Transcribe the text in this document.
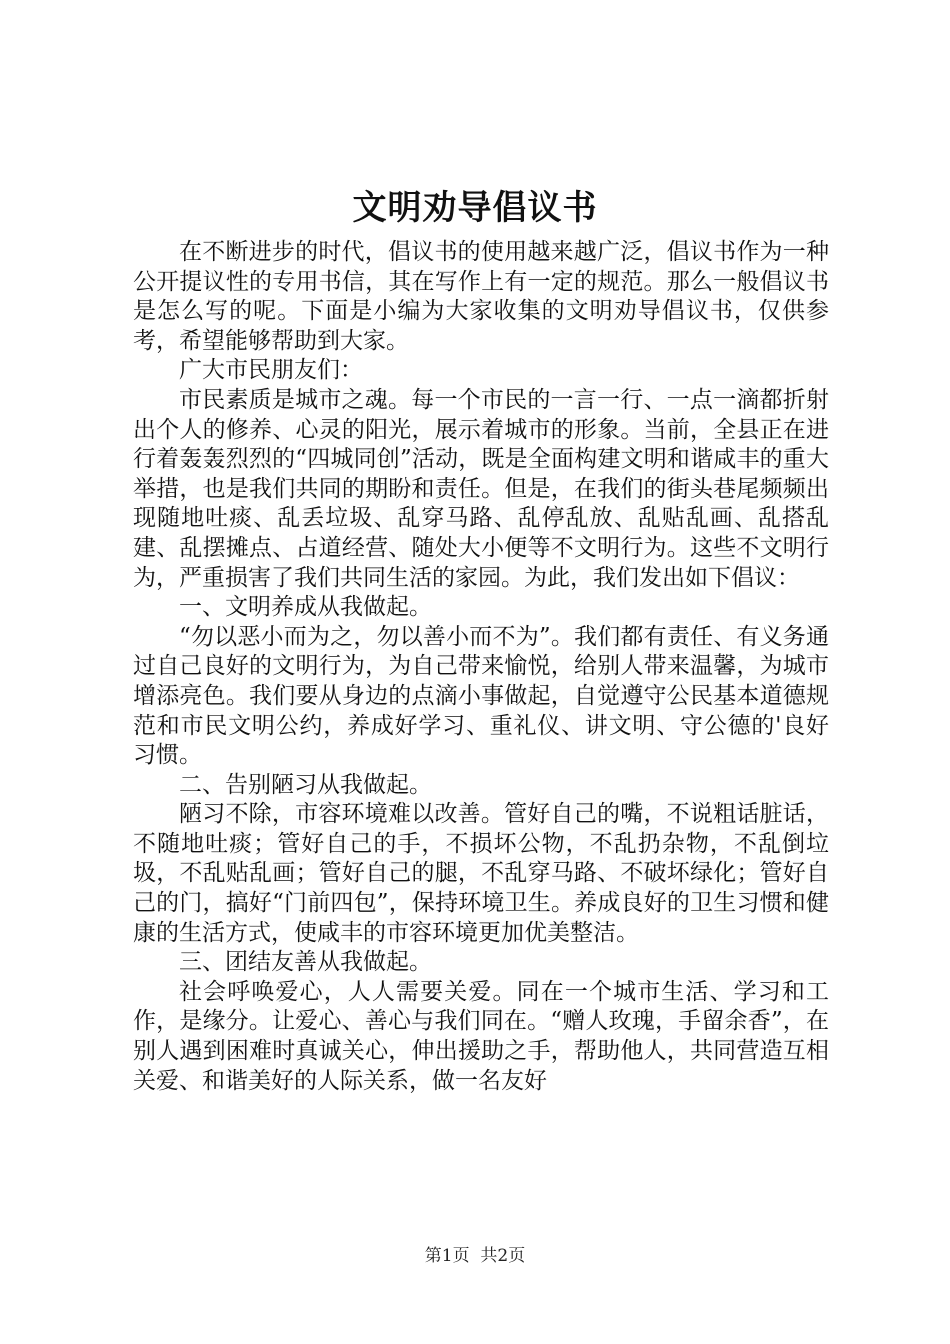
文明劝导倡议书

在不断进步的时代，倡议书的使用越来越广泛，倡议书作为一种公开提议性的专用书信，其在写作上有一定的规范。那么一般倡议书是怎么写的呢。下面是小编为大家收集的文明劝导倡议书，仅供参考，希望能够帮助到大家。

广大市民朋友们：

市民素质是城市之魂。每一个市民的一言一行、一点一滴都折射出个人的修养、心灵的阳光，展示着城市的形象。当前，全县正在进行着轰轰烈烈的“四城同创”活动，既是全面构建文明和谐咸丰的重大举措，也是我们共同的期盼和责任。但是，在我们的街头巷尾频频出现随地吐痰、乱丢垃圾、乱穿马路、乱停乱放、乱贴乱画、乱搭乱建、乱摆摊点、占道经营、随处大小便等不文明行为。这些不文明行为，严重损害了我们共同生活的家园。为此，我们发出如下倡议：

一、文明养成从我做起。

“勿以恶小而为之，勿以善小而不为”。我们都有责任、有义务通过自己良好的文明行为，为自己带来愉悦，给别人带来温馨，为城市增添亮色。我们要从身边的点滴小事做起，自觉遵守公民基本道德规范和市民文明公约，养成好学习、重礼仪、讲文明、守公德的'良好习惯。

二、告别陋习从我做起。

陋习不除，市容环境难以改善。管好自己的嘴，不说粗话脏话，不随地吐痰；管好自己的手，不损坏公物，不乱扔杂物，不乱倒垃圾，不乱贴乱画；管好自己的腿，不乱穿马路、不破坏绿化；管好自己的门，搞好“门前四包”，保持环境卫生。养成良好的卫生习惯和健康的生活方式，使咸丰的市容环境更加优美整洁。

三、团结友善从我做起。

社会呼唤爱心，人人需要关爱。同在一个城市生活、学习和工作，是缘分。让爱心、善心与我们同在。“赠人玫瑰，手留余香”，在别人遇到困难时真诚关心，伸出援助之手，帮助他人，共同营造互相关爱、和谐美好的人际关系，做一名友好

第1页 共2页
